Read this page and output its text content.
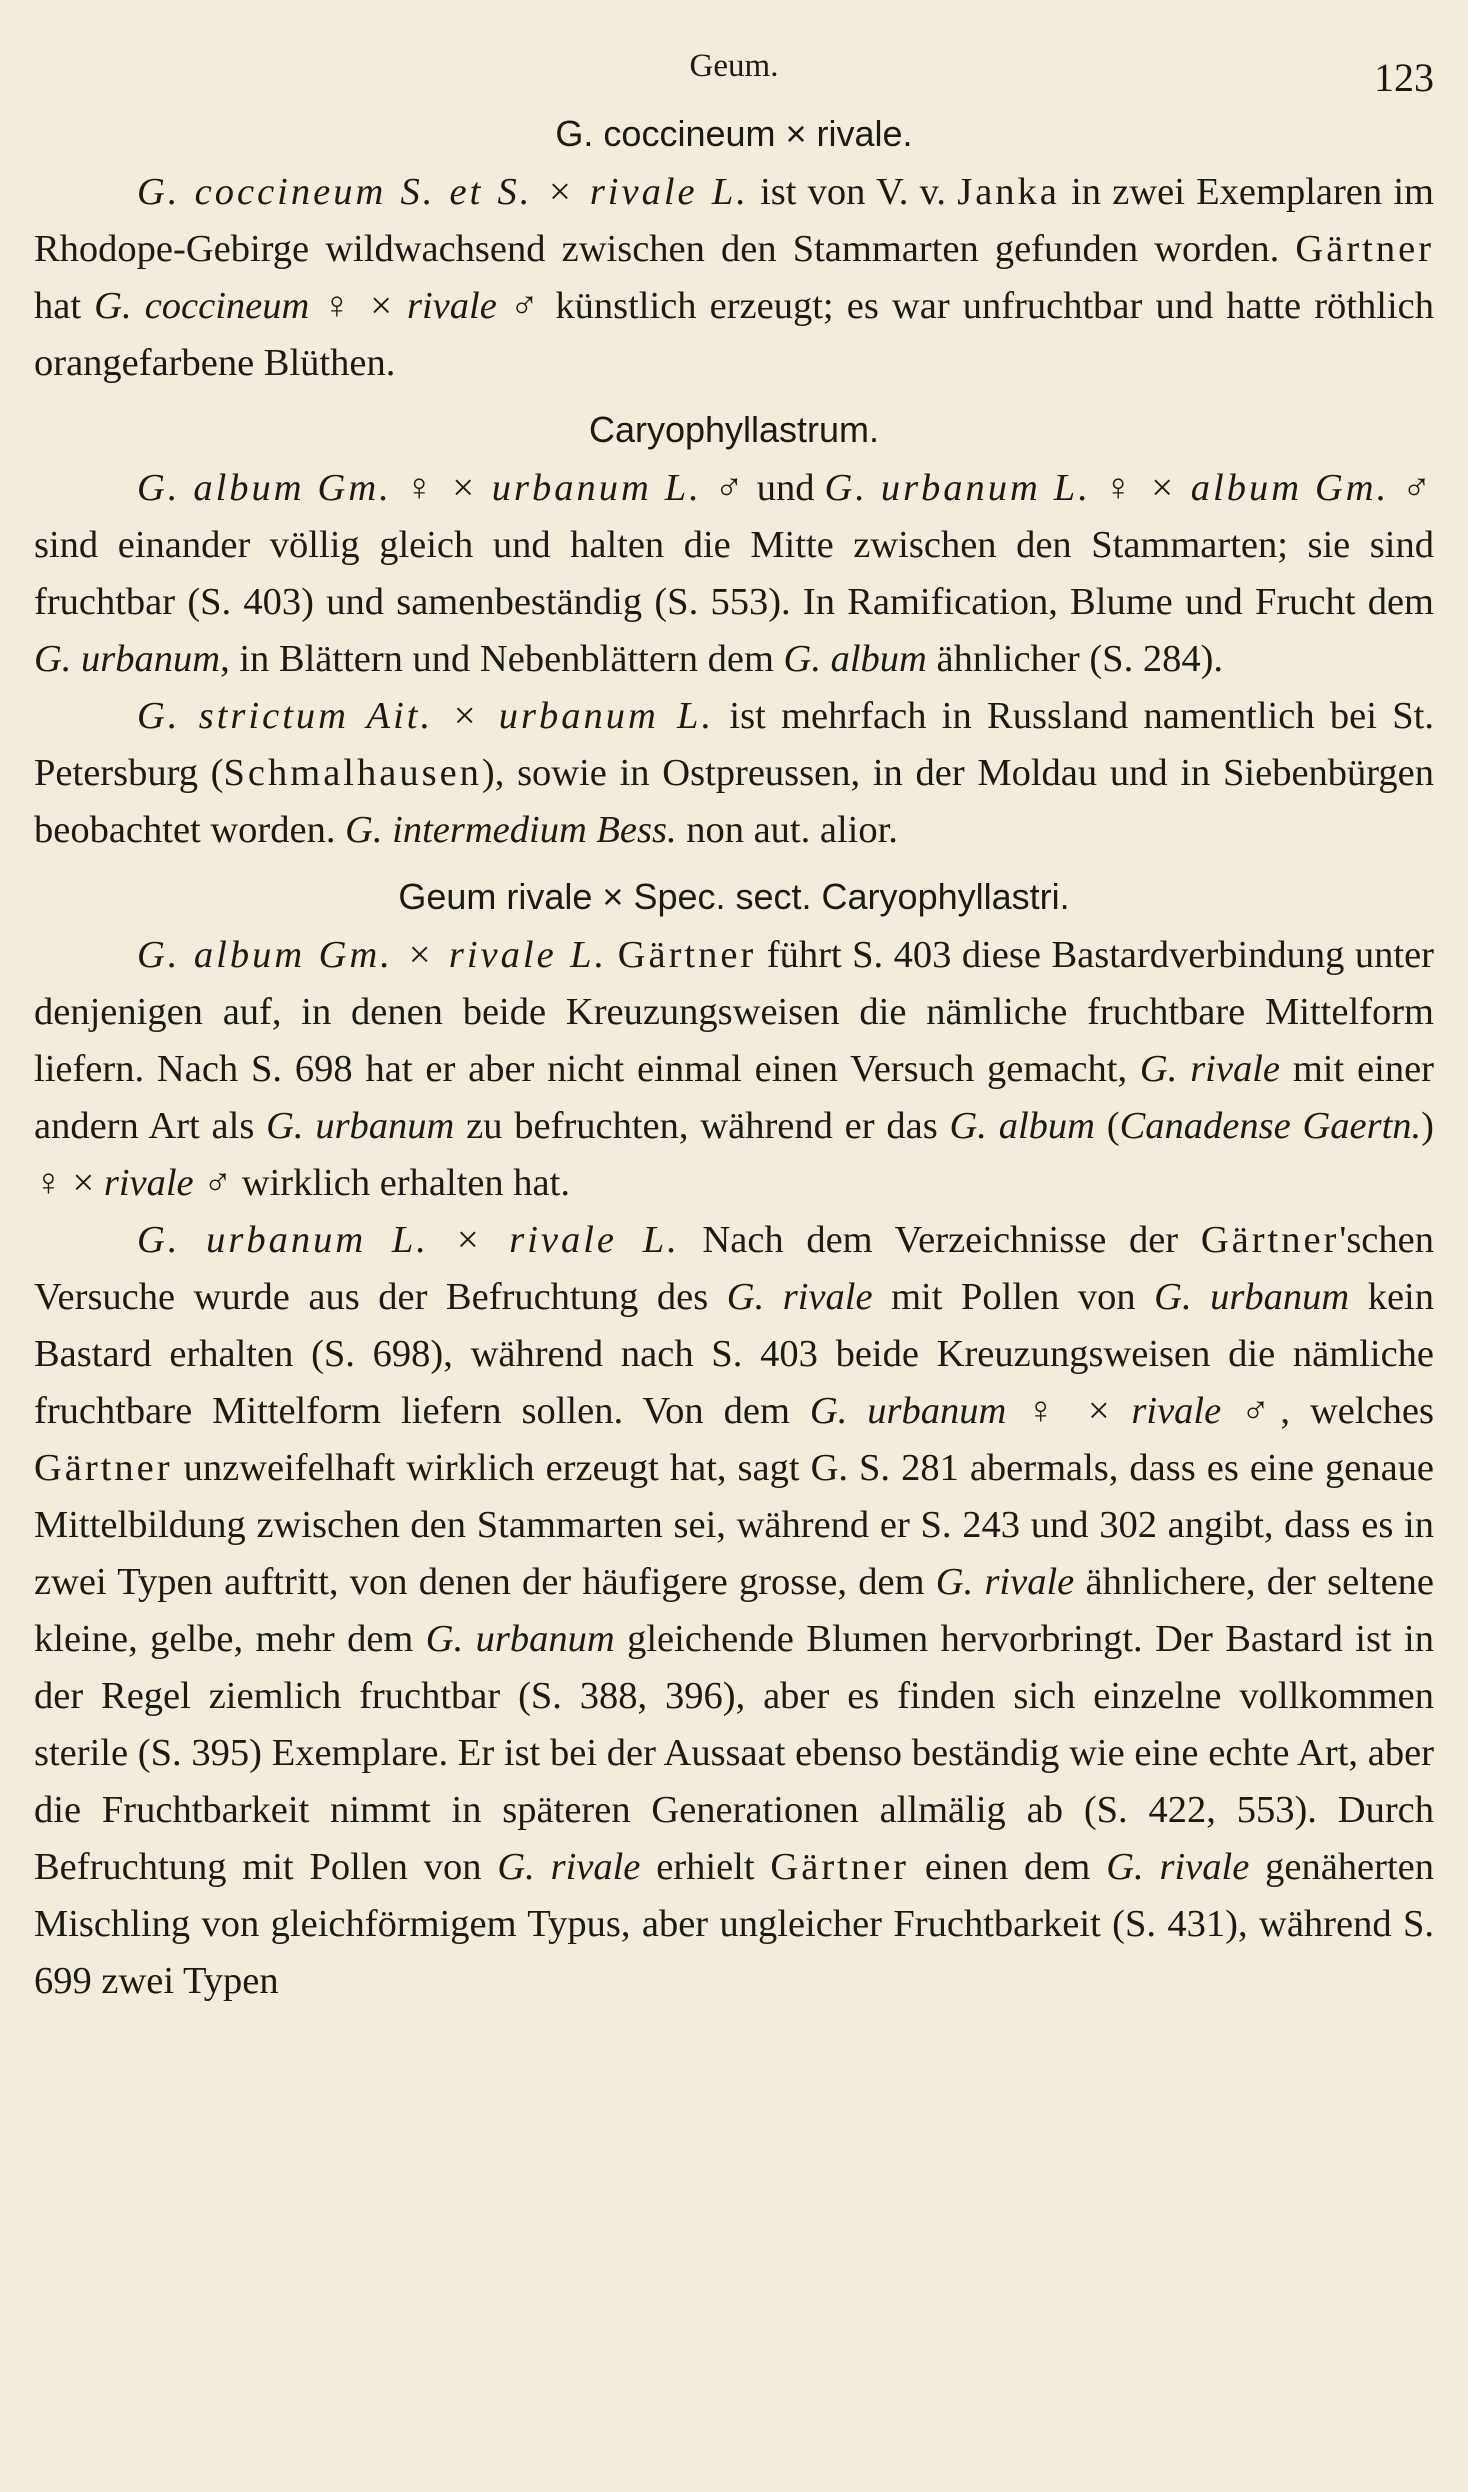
Geum.	123
G. coccineum × rivale.

G. coccineum S. et S. × rivale L. ist von V. v. Janka in zwei Exemplaren im Rhodope-Gebirge wildwachsend zwischen den Stammarten gefunden worden. Gärtner hat G. coccineum ♀ × rivale ♂ künstlich erzeugt; es war unfruchtbar und hatte röthlich orangefarbene Blüthen.

Caryophyllastrum.

G. album Gm. ♀ × urbanum L. ♂ und G. urbanum L. ♀ × album Gm. ♂ sind einander völlig gleich und halten die Mitte zwischen den Stammarten; sie sind fruchtbar (S. 403) und samenbeständig (S. 553). In Ramification, Blume und Frucht dem G. urbanum, in Blättern und Nebenblättern dem G. album ähnlicher (S. 284).

G. strictum Ait. × urbanum L. ist mehrfach in Russland namentlich bei St. Petersburg (Schmalhausen), sowie in Ostpreussen, in der Moldau und in Siebenbürgen beobachtet worden. G. intermedium Bess. non aut. alior.

Geum rivale × Spec. sect. Caryophyllastri.

G. album Gm. × rivale L. Gärtner führt S. 403 diese Bastardverbindung unter denjenigen auf, in denen beide Kreuzungsweisen die nämliche fruchtbare Mittelform liefern. Nach S. 698 hat er aber nicht einmal einen Versuch gemacht, G. rivale mit einer andern Art als G. urbanum zu befruchten, während er das G. album (Canadense Gaertn.) ♀ × rivale ♂ wirklich erhalten hat.

G. urbanum L. × rivale L. Nach dem Verzeichnisse der Gärtner'schen Versuche wurde aus der Befruchtung des G. rivale mit Pollen von G. urbanum kein Bastard erhalten (S. 698), während nach S. 403 beide Kreuzungsweisen die nämliche fruchtbare Mittelform liefern sollen. Von dem G. urbanum ♀ × rivale ♂, welches Gärtner unzweifelhaft wirklich erzeugt hat, sagt G. S. 281 abermals, dass es eine genaue Mittelbildung zwischen den Stammarten sei, während er S. 243 und 302 angibt, dass es in zwei Typen auftritt, von denen der häufigere grosse, dem G. rivale ähnlichere, der seltene kleine, gelbe, mehr dem G. urbanum gleichende Blumen hervorbringt. Der Bastard ist in der Regel ziemlich fruchtbar (S. 388, 396), aber es finden sich einzelne vollkommen sterile (S. 395) Exemplare. Er ist bei der Aussaat ebenso beständig wie eine echte Art, aber die Fruchtbarkeit nimmt in späteren Generationen allmälig ab (S. 422, 553). Durch Befruchtung mit Pollen von G. rivale erhielt Gärtner einen dem G. rivale genäherten Mischling von gleichförmigem Typus, aber ungleicher Fruchtbarkeit (S. 431), während S. 699 zwei Typen
